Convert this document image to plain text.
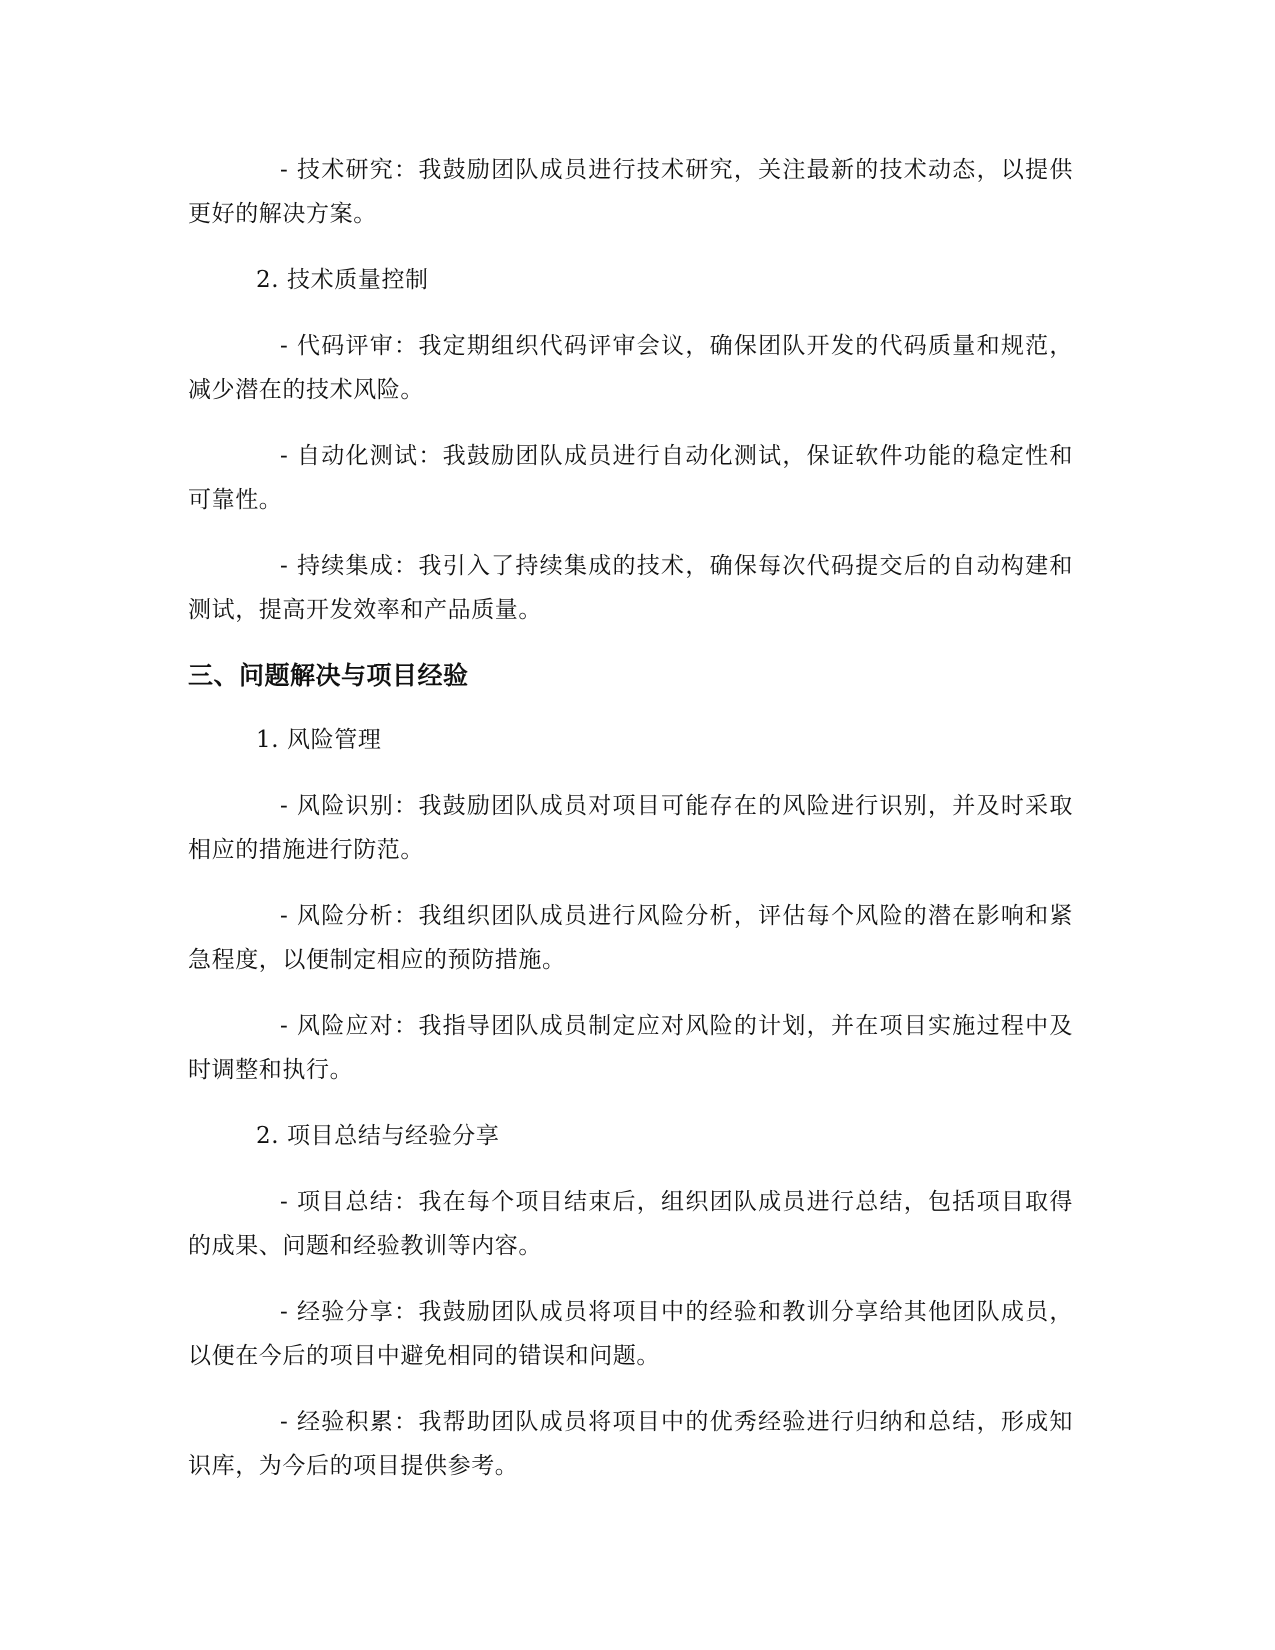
- 技术研究：我鼓励团队成员进行技术研究，关注最新的技术动态，以提供更好的解决方案。

2. 技术质量控制

- 代码评审：我定期组织代码评审会议，确保团队开发的代码质量和规范，减少潜在的技术风险。

- 自动化测试：我鼓励团队成员进行自动化测试，保证软件功能的稳定性和可靠性。

- 持续集成：我引入了持续集成的技术，确保每次代码提交后的自动构建和测试，提高开发效率和产品质量。

三、问题解决与项目经验

1. 风险管理

- 风险识别：我鼓励团队成员对项目可能存在的风险进行识别，并及时采取相应的措施进行防范。

- 风险分析：我组织团队成员进行风险分析，评估每个风险的潜在影响和紧急程度，以便制定相应的预防措施。

- 风险应对：我指导团队成员制定应对风险的计划，并在项目实施过程中及时调整和执行。

2. 项目总结与经验分享

- 项目总结：我在每个项目结束后，组织团队成员进行总结，包括项目取得的成果、问题和经验教训等内容。

- 经验分享：我鼓励团队成员将项目中的经验和教训分享给其他团队成员，以便在今后的项目中避免相同的错误和问题。

- 经验积累：我帮助团队成员将项目中的优秀经验进行归纳和总结，形成知识库，为今后的项目提供参考。
